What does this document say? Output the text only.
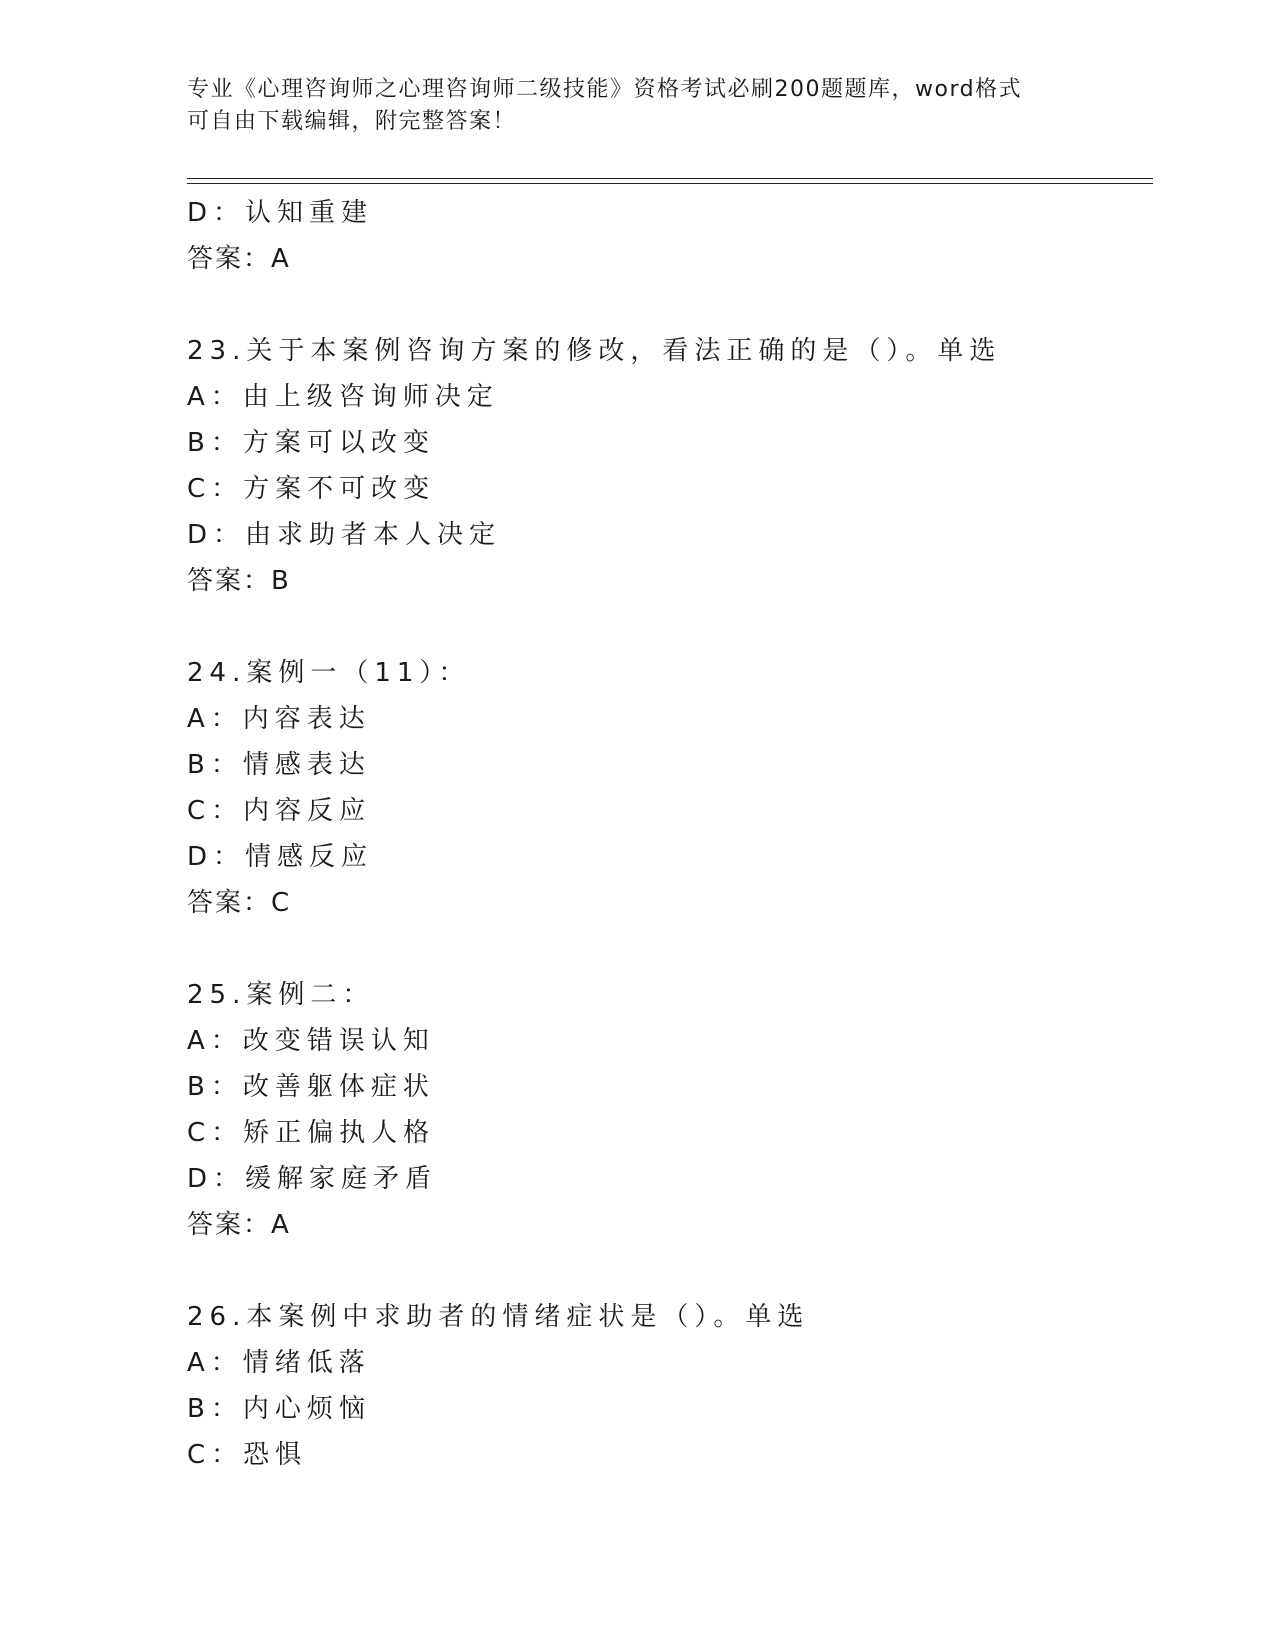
专业《心理咨询师之心理咨询师二级技能》资格考试必刷200题题库，word格式
可自由下载编辑，附完整答案！
D：认知重建
答案：A
23.关于本案例咨询方案的修改，看法正确的是（）。单选
A：由上级咨询师决定
B：方案可以改变
C：方案不可改变
D：由求助者本人决定
答案：B
24.案例一（11）：
A：内容表达
B：情感表达
C：内容反应
D：情感反应
答案：C
25.案例二：
A：改变错误认知
B：改善躯体症状
C：矫正偏执人格
D：缓解家庭矛盾
答案：A
26.本案例中求助者的情绪症状是（）。单选
A：情绪低落
B：内心烦恼
C：恐惧
